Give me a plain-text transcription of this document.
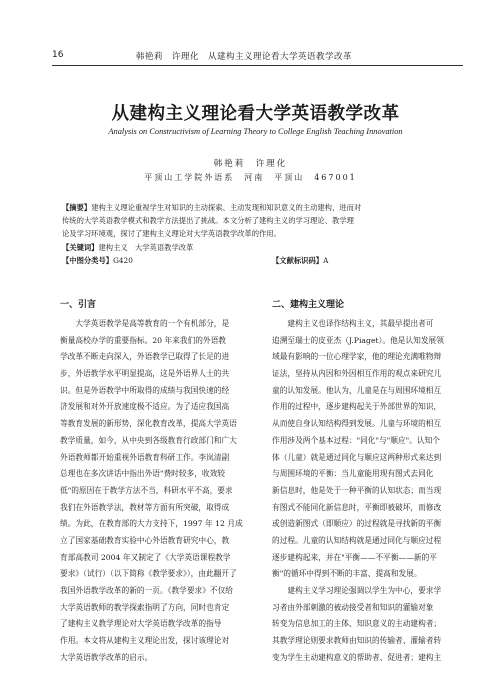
16	韩艳莉　许理化　从建构主义理论看大学英语教学改革
从建构主义理论看大学英语教学改革
Analysis on Constructivism of Learning Theory to College English Teaching Innovation
韩艳莉　许理化
平顶山工学院外语系　河南　平顶山　467001
【摘要】建构主义理论重视学生对知识的主动探索、主动发现和知识意义的主动建构，进而对
传统的大学英语教学模式和教学方法提出了挑战。本文分析了建构主义的学习理论、教学理
论及学习环境观，探讨了建构主义理论对大学英语教学改革的作用。
【关键词】建构主义　大学英语教学改革
【中图分类号】G420	【文献标识码】A
一、引言	二、建构主义理论
　　大学英语教学是高等教育的一个有机部分，是
衡量高校办学的重要指标。20 年来我们的外语教
学改革不断走向深入，外语教学已取得了长足的进
步，外语教学水平明显提高，这是外语界人士的共
识。但是外语教学中所取得的成绩与我国快速的经
济发展和对外开放速度极不适应。为了适应我国高
等教育发展的新形势，深化教育改革，提高大学英语
教学质量，如今，从中央到各级教育行政部门和广大
外语教师都开始重视外语教育科研工作。李岚清副
总理也在多次讲话中指出外语"费时较多，收效较
低"的原因在于教学方法不当，科研水平不高，要求
我们在外语教学法，教材等方面有所突破，取得成
绩。为此，在教育部的大力支持下，1997 年 12 月成
立了国家基础教育实验中心外语教育研究中心，教
育部高教司 2004 年又制定了《大学英语课程教学
要求》（试行）（以下简称《教学要求》），由此翻开了
我国外语教学改革的新的一页。《教学要求》不仅给
大学英语教师的教学探索指明了方向，同时也肯定
了建构主义教学理论对大学英语教学改革的指导
作用。本文将从建构主义理论出发，探讨该理论对
大学英语教学改革的启示。
　　建构主义也译作结构主义，其最早提出者可
追溯至瑞士的皮亚杰（J.Piaget）。他是认知发展领
域最有影响的一位心理学家，他的理论充满唯物辩
证法，坚持从内因和外因相互作用的观点来研究儿
童的认知发展。他认为，儿童是在与周围环境相互
作用的过程中，逐步建构起关于外部世界的知识，
从而使自身认知结构得到发展。儿童与环境的相互
作用涉及两个基本过程："同化"与"顺应"。认知个
体（儿童）就是通过同化与顺应这两种形式来达到
与周围环境的平衡：当儿童能用现有图式去同化
新信息时，他是处于一种平衡的认知状态；而当现
有图式不能同化新信息时，平衡即被破坏，而修改
或创造新图式（即顺应）的过程就是寻找新的平衡
的过程。儿童的认知结构就是通过同化与顺应过程
逐步建构起来，并在"平衡——不平衡——新的平
衡"的循环中得到不断的丰富、提高和发展。
　　建构主义学习理论强调以学生为中心，要求学
习者由外部刺激的被动接受者和知识的灌输对象
转变为信息加工的主体、知识意义的主动建构者；
其教学理论则要求教师由知识的传输者、灌输者转
变为学生主动建构意义的帮助者、促进者；建构主
